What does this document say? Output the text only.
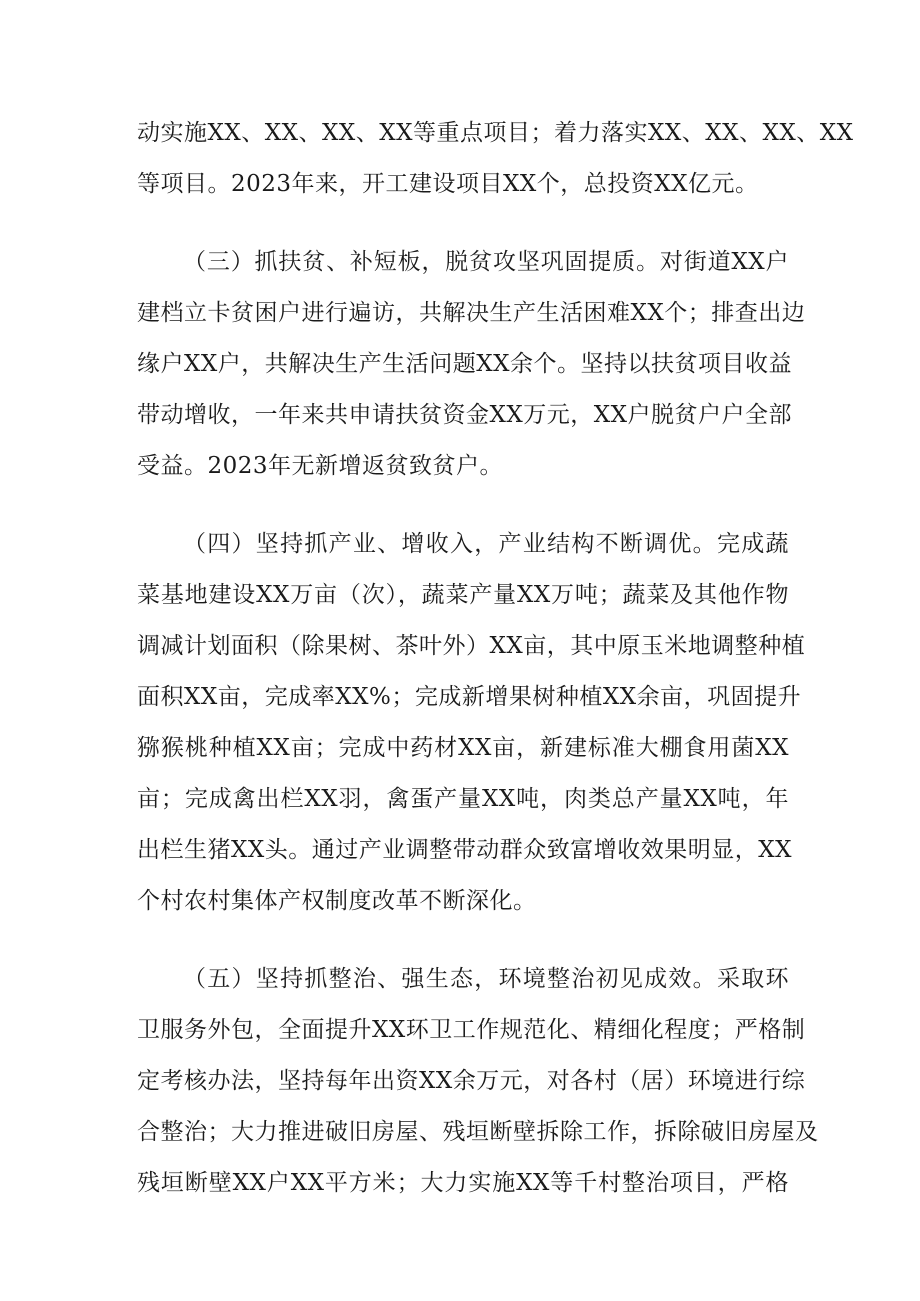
动实施XX、XX、XX、XX等重点项目；着力落实XX、XX、XX、XX
等项目。2023年来，开工建设项目XX个，总投资XX亿元。
（三）抓扶贫、补短板，脱贫攻坚巩固提质。对街道XX户
建档立卡贫困户进行遍访，共解决生产生活困难XX个；排查出边
缘户XX户，共解决生产生活问题XX余个。坚持以扶贫项目收益
带动增收，一年来共申请扶贫资金XX万元，XX户脱贫户户全部
受益。2023年无新增返贫致贫户。
（四）坚持抓产业、增收入，产业结构不断调优。完成蔬
菜基地建设XX万亩（次），蔬菜产量XX万吨；蔬菜及其他作物
调减计划面积（除果树、茶叶外）XX亩，其中原玉米地调整种植
面积XX亩，完成率XX%；完成新增果树种植XX余亩，巩固提升
猕猴桃种植XX亩；完成中药材XX亩，新建标准大棚食用菌XX
亩；完成禽出栏XX羽，禽蛋产量XX吨，肉类总产量XX吨，年
出栏生猪XX头。通过产业调整带动群众致富增收效果明显，XX
个村农村集体产权制度改革不断深化。
（五）坚持抓整治、强生态，环境整治初见成效。采取环
卫服务外包，全面提升XX环卫工作规范化、精细化程度；严格制
定考核办法，坚持每年出资XX余万元，对各村（居）环境进行综
合整治；大力推进破旧房屋、残垣断壁拆除工作，拆除破旧房屋及
残垣断壁XX户XX平方米；大力实施XX等千村整治项目，严格
